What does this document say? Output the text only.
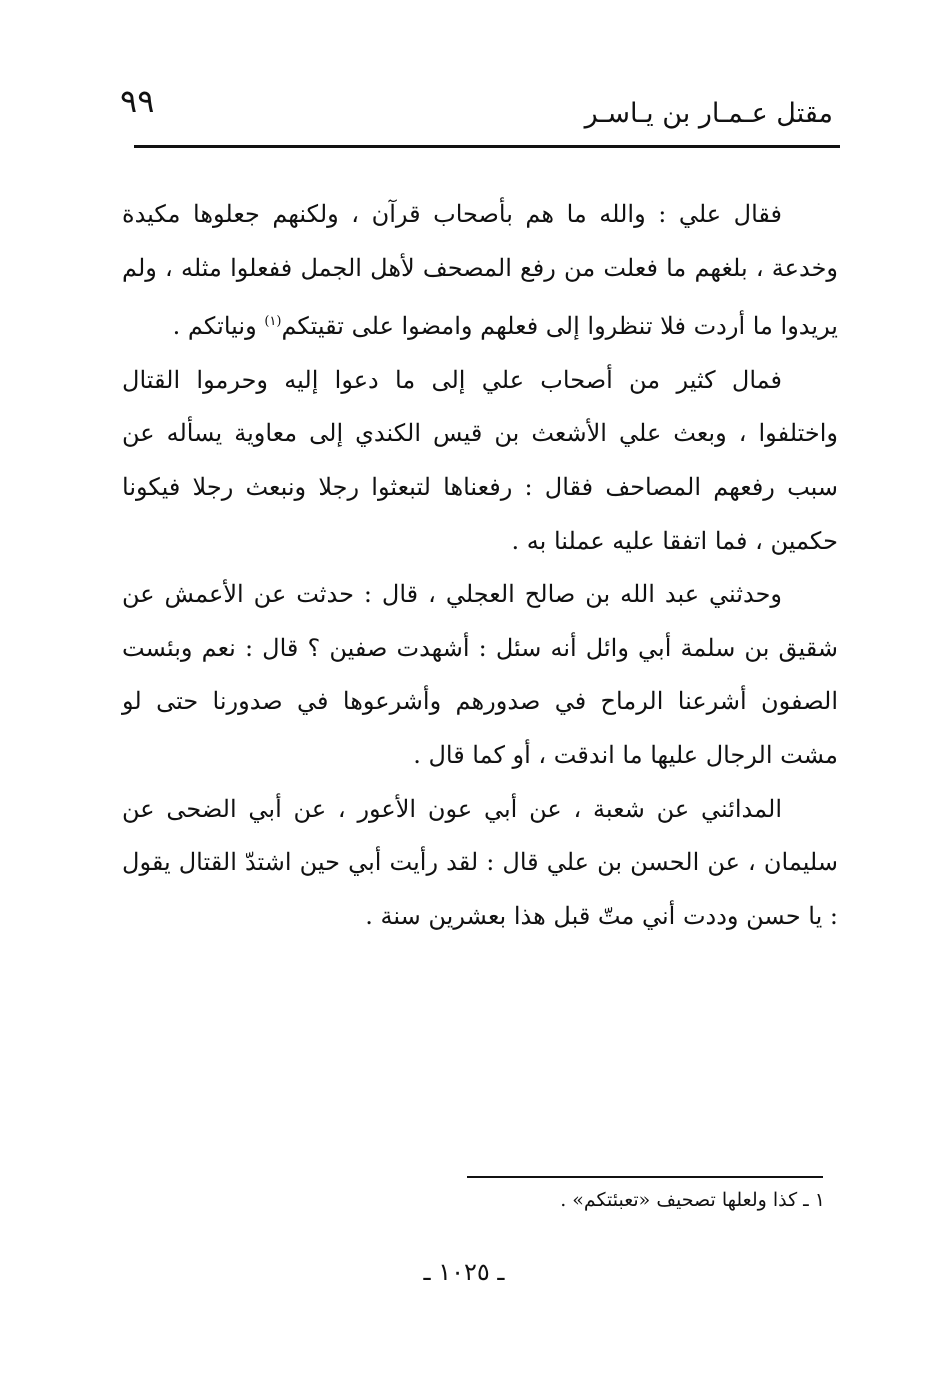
مقتل عـمـار بن يـاسـر
٩٩

فقال علي : والله ما هم بأصحاب قرآن ، ولكنهم جعلوها مكيدة وخدعة ، بلغهم ما فعلت من رفع المصحف لأهل الجمل ففعلوا مثله ، ولم يريدوا ما أردت فلا تنظروا إلى فعلهم وامضوا على تقيتكم$^{(١)}$ ونياتكم .

فمال كثير من أصحاب علي إلى ما دعوا إليه وحرموا القتال واختلفوا ، وبعث علي الأشعث بن قيس الكندي إلى معاوية يسأله عن سبب رفعهم المصاحف فقال : رفعناها لتبعثوا رجلا ونبعث رجلا فيكونا حكمين ، فما اتفقا عليه عملنا به .

وحدثني عبد الله بن صالح العجلي ، قال : حدثت عن الأعمش عن شقيق بن سلمة أبي وائل أنه سئل : أشهدت صفين ؟ قال : نعم وبئست الصفون أشرعنا الرماح في صدورهم وأشرعوها في صدورنا حتى لو مشت الرجال عليها ما اندقت ، أو كما قال .

المدائني عن شعبة ، عن أبي عون الأعور ، عن أبي الضحى عن سليمان ، عن الحسن بن علي قال : لقد رأيت أبي حين اشتدّ القتال يقول : يا حسن وددت أني متّ قبل هذا بعشرين سنة .

١ ـ كذا ولعلها تصحيف «تعبئتكم» .
ـ ١٠٢٥ ـ
